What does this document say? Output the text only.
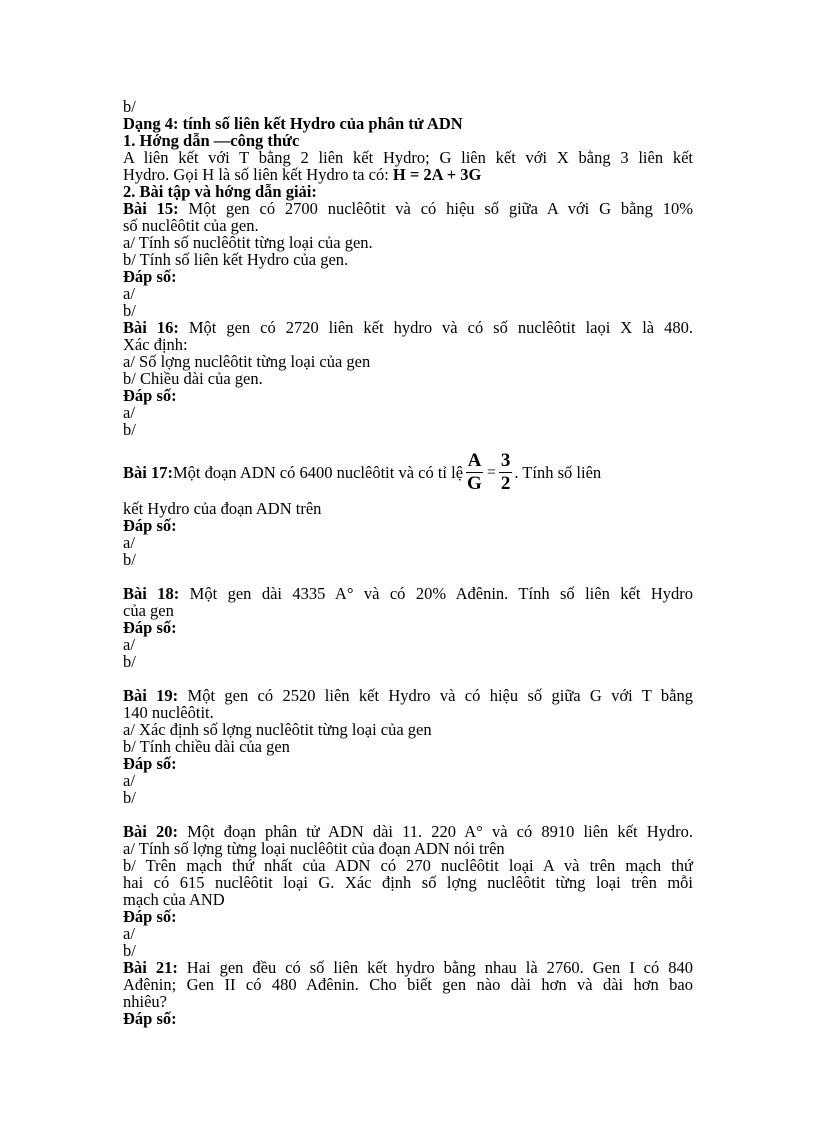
b/
Dạng 4: tính số liên kết Hydro của phân tử ADN
1. Hớng dẫn —công thức
A liên kết với T bằng 2 liên kết Hydro; G liên kết với X bằng 3 liên kết
Hydro. Gọi H là số liên kết Hydro ta có: H = 2A + 3G
2. Bài tập và hớng dẫn giải:
Bài 15: Một gen có 2700 nuclêôtit và có hiệu số giữa A với G bằng 10%
số nuclêôtit của gen.
a/ Tính số nuclêôtit từng loại của gen.
b/ Tính số liên kết Hydro của gen.
Đáp số:
a/
b/
Bài 16: Một gen có 2720 liên kết hydro và có số nuclêôtit laọi X là 480.
Xác định:
a/ Số lợng nuclêôtit từng loại của gen
b/ Chiều dài của gen.
Đáp số:
a/
b/
Bài 17: Một đoạn ADN có 6400 nuclêôtit và có tỉ lệ $\frac{A}{G} = \frac{3}{2}$ . Tính số liên
kết Hydro của đoạn ADN trên
Đáp số:
a/
b/
Bài 18: Một gen dài 4335 A° và có 20% Ađênin. Tính số liên kết Hydro
của gen
Đáp số:
a/
b/
Bài 19: Một gen có 2520 liên kết Hydro và có hiệu số giữa G với T bằng
140 nuclêôtit.
a/ Xác định số lợng nuclêôtit từng loại của gen
b/ Tính chiều dài của gen
Đáp số:
a/
b/
Bài 20: Một đoạn phân tử ADN dài 11. 220 A° và có 8910 liên kết Hydro.
a/ Tính số lợng từng loại nuclêôtit của đoạn ADN nói trên
b/ Trên mạch thứ nhất của ADN có 270 nuclêôtit loại A và trên mạch thứ
hai có 615 nuclêôtit loại G. Xác định số lợng nuclêôtit từng loại trên mỗi
mạch của AND
Đáp số:
a/
b/
Bài 21: Hai gen đều có số liên kết hydro bằng nhau là 2760. Gen I có 840
Ađênin; Gen II có 480 Ađênin. Cho biết gen nào dài hơn và dài hơn bao
nhiêu?
Đáp số:
